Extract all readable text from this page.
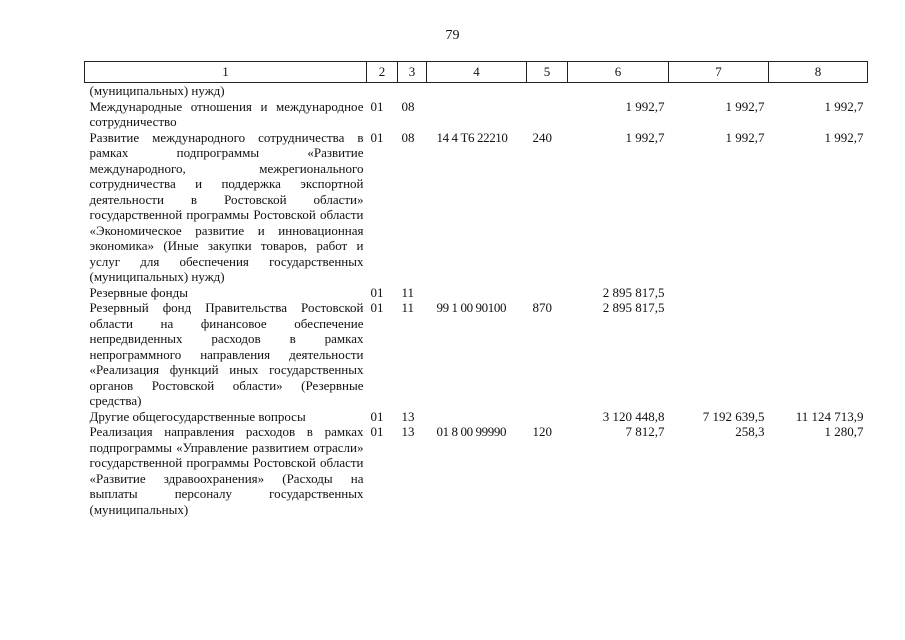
79
1	2	3	4	5	6	7	8
(муниципальных) нужд)							
Международные отношения и международное сотрудничество	01	08			1 992,7	1 992,7	1 992,7
Развитие международного сотрудничества в рамках подпрограммы «Развитие международного, межрегионального сотрудничества и поддержка экспортной деятельности в Ростовской области» государственной программы Ростовской области «Экономическое развитие и инновационная экономика» (Иные закупки товаров, работ и услуг для обеспечения государственных (муниципальных) нужд)	01	08	14 4 Т6 22210	240	1 992,7	1 992,7	1 992,7
Резервные фонды	01	11			2 895 817,5		
Резервный фонд Правительства Ростовской области на финансовое обеспечение непредвиденных расходов в рамках непрограммного направления деятельности «Реализация функций иных государственных органов Ростовской области» (Резервные средства)	01	11	99 1 00 90100	870	2 895 817,5		
Другие общегосударственные вопросы	01	13			3 120 448,8	7 192 639,5	11 124 713,9
Реализация направления расходов в рамках подпрограммы «Управление развитием отрасли» государственной программы Ростовской области «Развитие здравоохранения» (Расходы на выплаты персоналу государственных (муниципальных)	01	13	01 8 00 99990	120	7 812,7	258,3	1 280,7
